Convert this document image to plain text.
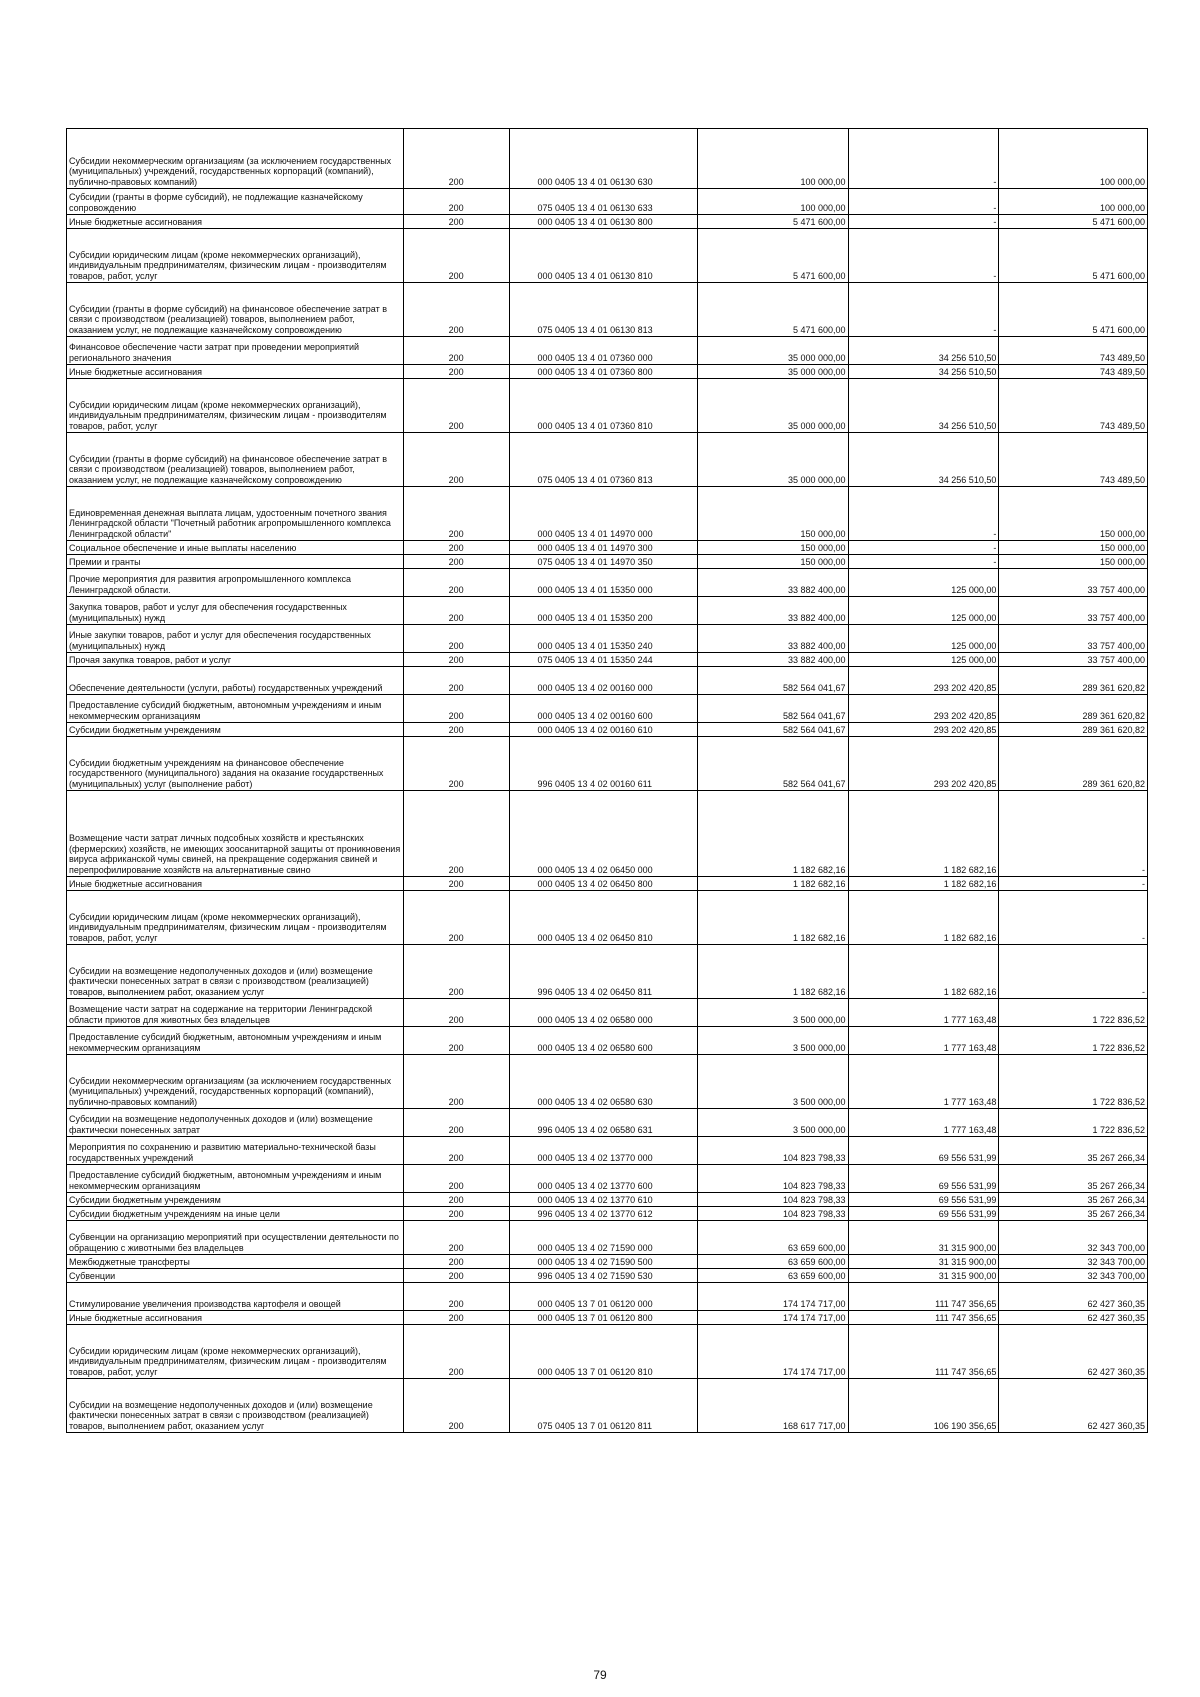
Субсидии некоммерческим организациям (за исключением государственных (муниципальных) учреждений, государственных корпораций (компаний), публично-правовых компаний)	200	000 0405 13 4 01 06130 630	100 000,00	-	100 000,00
Субсидии (гранты в форме субсидий), не подлежащие казначейскому сопровождению	200	075 0405 13 4 01 06130 633	100 000,00	-	100 000,00
Иные бюджетные ассигнования	200	000 0405 13 4 01 06130 800	5 471 600,00	-	5 471 600,00
Субсидии юридическим лицам (кроме некоммерческих организаций), индивидуальным предпринимателям, физическим лицам - производителям товаров, работ, услуг	200	000 0405 13 4 01 06130 810	5 471 600,00	-	5 471 600,00
Субсидии (гранты в форме субсидий) на финансовое обеспечение затрат в связи с производством (реализацией) товаров, выполнением работ, оказанием услуг, не подлежащие казначейскому сопровождению	200	075 0405 13 4 01 06130 813	5 471 600,00	-	5 471 600,00
Финансовое обеспечение части затрат при проведении мероприятий регионального значения	200	000 0405 13 4 01 07360 000	35 000 000,00	34 256 510,50	743 489,50
Иные бюджетные ассигнования	200	000 0405 13 4 01 07360 800	35 000 000,00	34 256 510,50	743 489,50
Субсидии юридическим лицам (кроме некоммерческих организаций), индивидуальным предпринимателям, физическим лицам - производителям товаров, работ, услуг	200	000 0405 13 4 01 07360 810	35 000 000,00	34 256 510,50	743 489,50
Субсидии (гранты в форме субсидий) на финансовое обеспечение затрат в связи с производством (реализацией) товаров, выполнением работ, оказанием услуг, не подлежащие казначейскому сопровождению	200	075 0405 13 4 01 07360 813	35 000 000,00	34 256 510,50	743 489,50
Единовременная денежная выплата лицам, удостоенным почетного звания Ленинградской области "Почетный работник агропромышленного комплекса Ленинградской области"	200	000 0405 13 4 01 14970 000	150 000,00	-	150 000,00
Социальное обеспечение и иные выплаты населению	200	000 0405 13 4 01 14970 300	150 000,00	-	150 000,00
Премии и гранты	200	075 0405 13 4 01 14970 350	150 000,00	-	150 000,00
Прочие мероприятия для развития агропромышленного комплекса Ленинградской области.	200	000 0405 13 4 01 15350 000	33 882 400,00	125 000,00	33 757 400,00
Закупка товаров, работ и услуг для обеспечения государственных (муниципальных) нужд	200	000 0405 13 4 01 15350 200	33 882 400,00	125 000,00	33 757 400,00
Иные закупки товаров, работ и услуг для обеспечения государственных (муниципальных) нужд	200	000 0405 13 4 01 15350 240	33 882 400,00	125 000,00	33 757 400,00
Прочая закупка товаров, работ и услуг	200	075 0405 13 4 01 15350 244	33 882 400,00	125 000,00	33 757 400,00
Обеспечение деятельности (услуги, работы) государственных учреждений	200	000 0405 13 4 02 00160 000	582 564 041,67	293 202 420,85	289 361 620,82
Предоставление субсидий бюджетным, автономным учреждениям и иным некоммерческим организациям	200	000 0405 13 4 02 00160 600	582 564 041,67	293 202 420,85	289 361 620,82
Субсидии бюджетным учреждениям	200	000 0405 13 4 02 00160 610	582 564 041,67	293 202 420,85	289 361 620,82
Субсидии бюджетным учреждениям на финансовое обеспечение государственного (муниципального) задания на оказание государственных (муниципальных) услуг (выполнение работ)	200	996 0405 13 4 02 00160 611	582 564 041,67	293 202 420,85	289 361 620,82
Возмещение части затрат личных подсобных хозяйств и крестьянских (фермерских) хозяйств, не имеющих зоосанитарной защиты от проникновения вируса африканской чумы свиней, на прекращение содержания свиней и перепрофилирование хозяйств на альтернативные свино	200	000 0405 13 4 02 06450 000	1 182 682,16	1 182 682,16	-
Иные бюджетные ассигнования	200	000 0405 13 4 02 06450 800	1 182 682,16	1 182 682,16	-
Субсидии юридическим лицам (кроме некоммерческих организаций), индивидуальным предпринимателям, физическим лицам - производителям товаров, работ, услуг	200	000 0405 13 4 02 06450 810	1 182 682,16	1 182 682,16	-
Субсидии на возмещение недополученных доходов и (или) возмещение фактически понесенных затрат в связи с производством (реализацией) товаров, выполнением работ, оказанием услуг	200	996 0405 13 4 02 06450 811	1 182 682,16	1 182 682,16	-
Возмещение части затрат на содержание на территории Ленинградской области приютов для животных без владельцев	200	000 0405 13 4 02 06580 000	3 500 000,00	1 777 163,48	1 722 836,52
Предоставление субсидий бюджетным, автономным учреждениям и иным некоммерческим организациям	200	000 0405 13 4 02 06580 600	3 500 000,00	1 777 163,48	1 722 836,52
Субсидии некоммерческим организациям (за исключением государственных (муниципальных) учреждений, государственных корпораций (компаний), публично-правовых компаний)	200	000 0405 13 4 02 06580 630	3 500 000,00	1 777 163,48	1 722 836,52
Субсидии на возмещение недополученных доходов и (или) возмещение фактически понесенных затрат	200	996 0405 13 4 02 06580 631	3 500 000,00	1 777 163,48	1 722 836,52
Мероприятия по сохранению и развитию материально-технической базы государственных учреждений	200	000 0405 13 4 02 13770 000	104 823 798,33	69 556 531,99	35 267 266,34
Предоставление субсидий бюджетным, автономным учреждениям и иным некоммерческим организациям	200	000 0405 13 4 02 13770 600	104 823 798,33	69 556 531,99	35 267 266,34
Субсидии бюджетным учреждениям	200	000 0405 13 4 02 13770 610	104 823 798,33	69 556 531,99	35 267 266,34
Субсидии бюджетным учреждениям на иные цели	200	996 0405 13 4 02 13770 612	104 823 798,33	69 556 531,99	35 267 266,34
Субвенции на организацию мероприятий при осуществлении деятельности по обращению с животными без владельцев	200	000 0405 13 4 02 71590 000	63 659 600,00	31 315 900,00	32 343 700,00
Межбюджетные трансферты	200	000 0405 13 4 02 71590 500	63 659 600,00	31 315 900,00	32 343 700,00
Субвенции	200	996 0405 13 4 02 71590 530	63 659 600,00	31 315 900,00	32 343 700,00
Стимулирование увеличения производства картофеля и овощей	200	000 0405 13 7 01 06120 000	174 174 717,00	111 747 356,65	62 427 360,35
Иные бюджетные ассигнования	200	000 0405 13 7 01 06120 800	174 174 717,00	111 747 356,65	62 427 360,35
Субсидии юридическим лицам (кроме некоммерческих организаций), индивидуальным предпринимателям, физическим лицам - производителям товаров, работ, услуг	200	000 0405 13 7 01 06120 810	174 174 717,00	111 747 356,65	62 427 360,35
Субсидии на возмещение недополученных доходов и (или) возмещение фактически понесенных затрат в связи с производством (реализацией) товаров, выполнением работ, оказанием услуг	200	075 0405 13 7 01 06120 811	168 617 717,00	106 190 356,65	62 427 360,35
79
